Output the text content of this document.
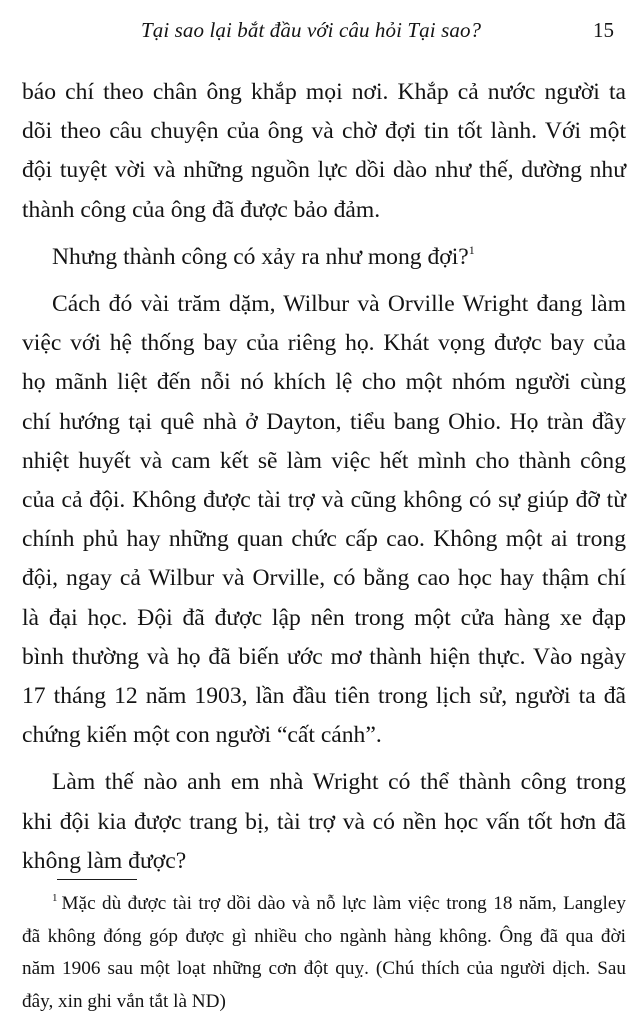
Tại sao lại bắt đầu với câu hỏi Tại sao?	15
báo chí theo chân ông khắp mọi nơi. Khắp cả nước người ta
dõi theo câu chuyện của ông và chờ đợi tin tốt lành. Với một
đội tuyệt vời và những nguồn lực dồi dào như thế, dường như
thành công của ông đã được bảo đảm.
Nhưng thành công có xảy ra như mong đợi?$^1$
Cách đó vài trăm dặm, Wilbur và Orville Wright đang làm
việc với hệ thống bay của riêng họ. Khát vọng được bay của
họ mãnh liệt đến nỗi nó khích lệ cho một nhóm người cùng
chí hướng tại quê nhà ở Dayton, tiểu bang Ohio. Họ tràn đầy
nhiệt huyết và cam kết sẽ làm việc hết mình cho thành công
của cả đội. Không được tài trợ và cũng không có sự giúp đỡ từ
chính phủ hay những quan chức cấp cao. Không một ai trong
đội, ngay cả Wilbur và Orville, có bằng cao học hay thậm chí
là đại học. Đội đã được lập nên trong một cửa hàng xe đạp
bình thường và họ đã biến ước mơ thành hiện thực. Vào ngày
17 tháng 12 năm 1903, lần đầu tiên trong lịch sử, người ta đã
chứng kiến một con người “cất cánh”.
Làm thế nào anh em nhà Wright có thể thành công trong
khi đội kia được trang bị, tài trợ và có nền học vấn tốt hơn đã
không làm được?
$^1$ Mặc dù được tài trợ dồi dào và nỗ lực làm việc trong 18 năm, Langley
đã không đóng góp được gì nhiều cho ngành hàng không. Ông đã qua đời
năm 1906 sau một loạt những cơn đột quỵ. (Chú thích của người dịch. Sau
đây, xin ghi vắn tắt là ND)
